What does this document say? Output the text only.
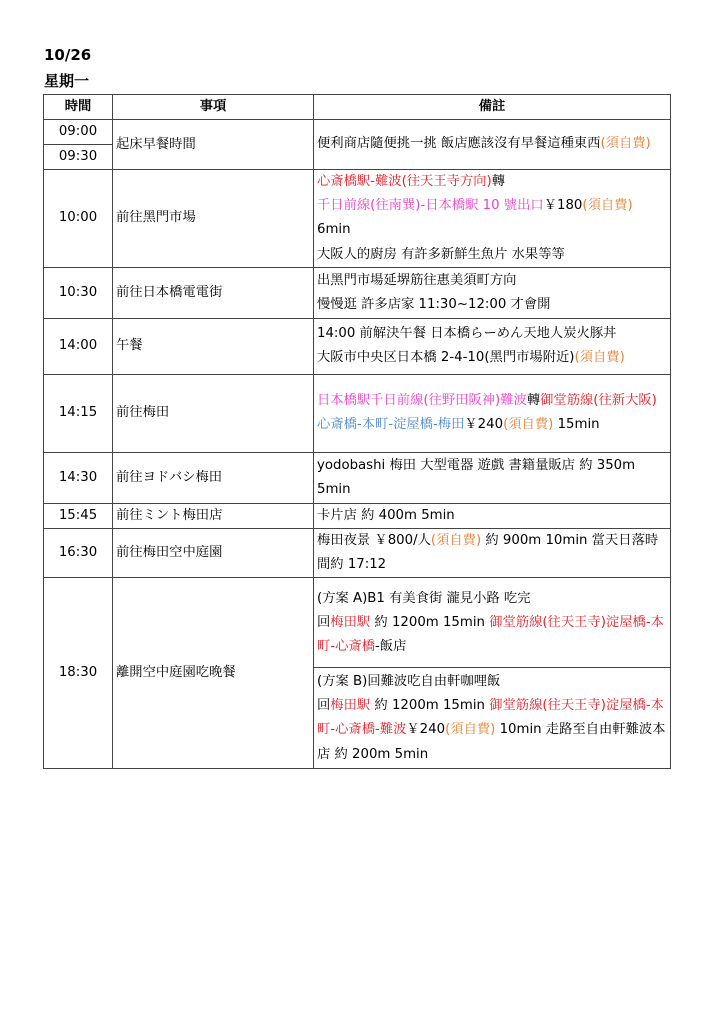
10/26
星期一
時間	事項	備註
09:00	起床早餐時間	便利商店隨便挑一挑 飯店應該沒有早餐這種東西(須自費)

09:30		
10:00	前往黑門市場	心斎橋駅-難波(往天王寺方向)轉
千日前線(往南巽)-日本橋駅 10 號出口￥180(須自費) 6min
大阪人的廚房 有許多新鮮生魚片 水果等等

10:30	前往日本橋電電街	出黑門市場延堺筋往惠美須町方向
慢慢逛 許多店家 11:30~12:00 才會開

14:00	午餐	14:00 前解決午餐 日本橋らーめん天地人炭火豚丼
大阪市中央区日本橋 2-4-10(黑門市場附近)(須自費)

14:15	前往梅田	日本橋駅千日前線(往野田阪神)難波轉御堂筋線(往新大阪)
心斎橋-本町-淀屋橋-梅田￥240(須自費) 15min

14:30	前往ヨドバシ梅田	yodobashi 梅田 大型電器 遊戲 書籍量販店 約 350m 5min

15:45	前往ミント梅田店	卡片店 約 400m 5min

16:30	前往梅田空中庭園	梅田夜景 ￥800/人(須自費) 約 900m 10min 當天日落時間約 17:12

18:30	離開空中庭園吃晚餐	(方案 A)B1 有美食街 瀧見小路 吃完
回梅田駅 約 1200m 15min 御堂筋線(往天王寺)淀屋橋-本町-心斎橋-飯店

		(方案 B)回難波吃自由軒咖哩飯
回梅田駅 約 1200m 15min 御堂筋線(往天王寺)淀屋橋-本町-心斎橋-難波￥240(須自費) 10min 走路至自由軒難波本店 約 200m 5min
